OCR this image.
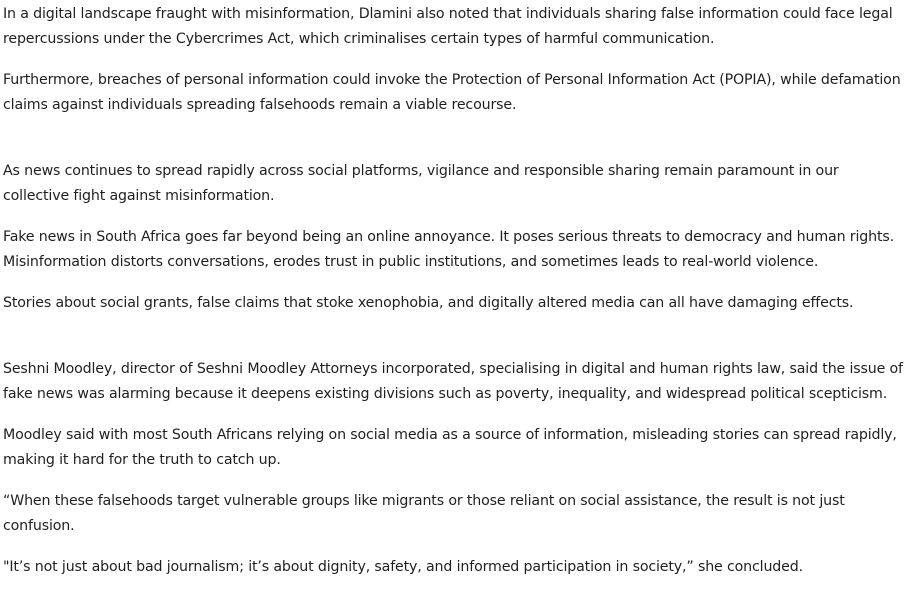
In a digital landscape fraught with misinformation, Dlamini also noted that individuals sharing false information could face legal repercussions under the Cybercrimes Act, which criminalises certain types of harmful communication.

Furthermore, breaches of personal information could invoke the Protection of Personal Information Act (POPIA), while defamation claims against individuals spreading falsehoods remain a viable recourse.

As news continues to spread rapidly across social platforms, vigilance and responsible sharing remain paramount in our collective fight against misinformation.

Fake news in South Africa goes far beyond being an online annoyance. It poses serious threats to democracy and human rights. Misinformation distorts conversations, erodes trust in public institutions, and sometimes leads to real-world violence.

Stories about social grants, false claims that stoke xenophobia, and digitally altered media can all have damaging effects.

Seshni Moodley, director of Seshni Moodley Attorneys incorporated, specialising in digital and human rights law, said the issue of fake news was alarming because it deepens existing divisions such as poverty, inequality, and widespread political scepticism.

Moodley said with most South Africans relying on social media as a source of information, misleading stories can spread rapidly, making it hard for the truth to catch up.

“When these falsehoods target vulnerable groups like migrants or those reliant on social assistance, the result is not just confusion.

"It’s not just about bad journalism; it’s about dignity, safety, and informed participation in society,” she concluded.
